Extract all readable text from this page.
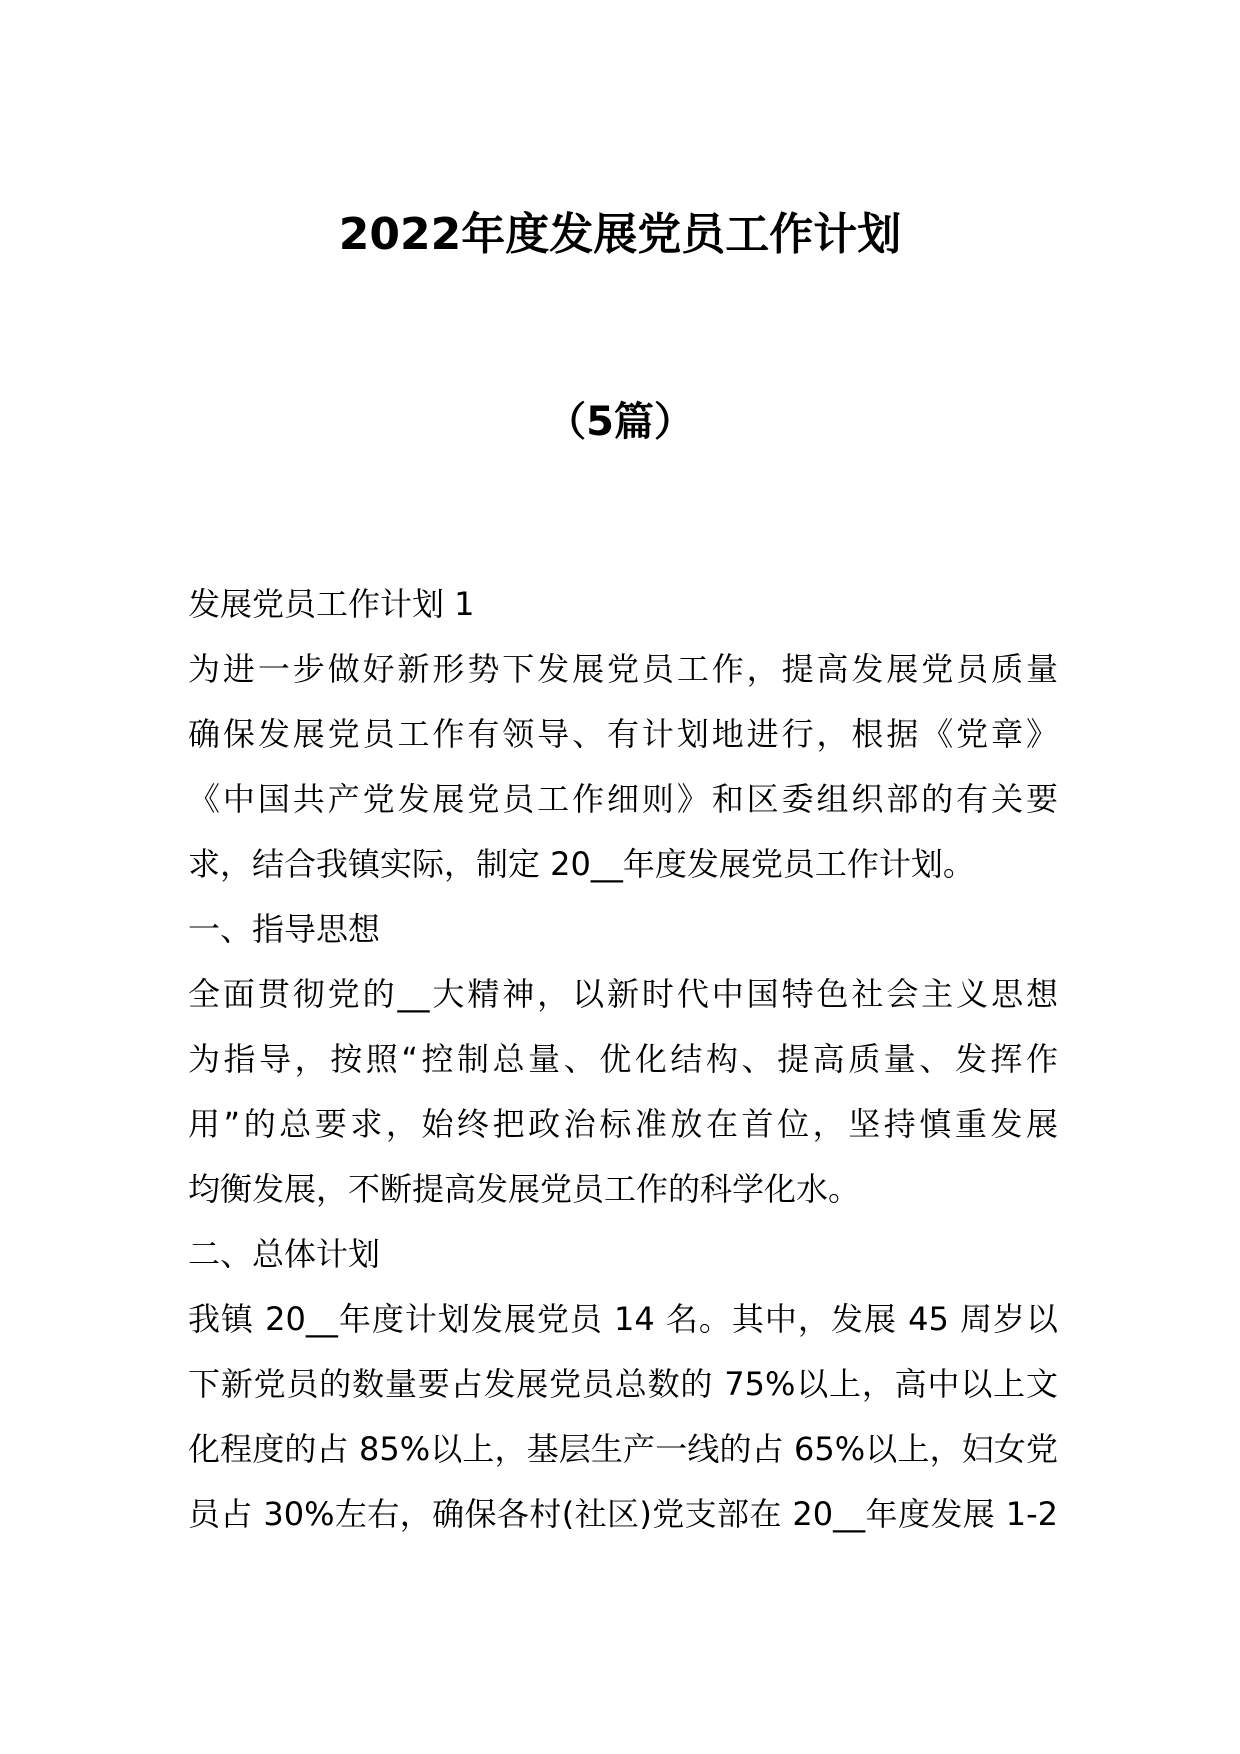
2022年度发展党员工作计划
（5篇）
发展党员工作计划 1
为进一步做好新形势下发展党员工作，提高发展党员质量
确保发展党员工作有领导、有计划地进行，根据《党章》
《中国共产党发展党员工作细则》和区委组织部的有关要
求，结合我镇实际，制定 20__年度发展党员工作计划。
一、指导思想
全面贯彻党的__大精神，以新时代中国特色社会主义思想
为指导，按照“控制总量、优化结构、提高质量、发挥作
用”的总要求，始终把政治标准放在首位，坚持慎重发展
均衡发展，不断提高发展党员工作的科学化水。
二、总体计划
我镇 20__年度计划发展党员 14 名。其中，发展 45 周岁以
下新党员的数量要占发展党员总数的 75%以上，高中以上文
化程度的占 85%以上，基层生产一线的占 65%以上，妇女党
员占 30%左右，确保各村(社区)党支部在 20__年度发展 1-2
